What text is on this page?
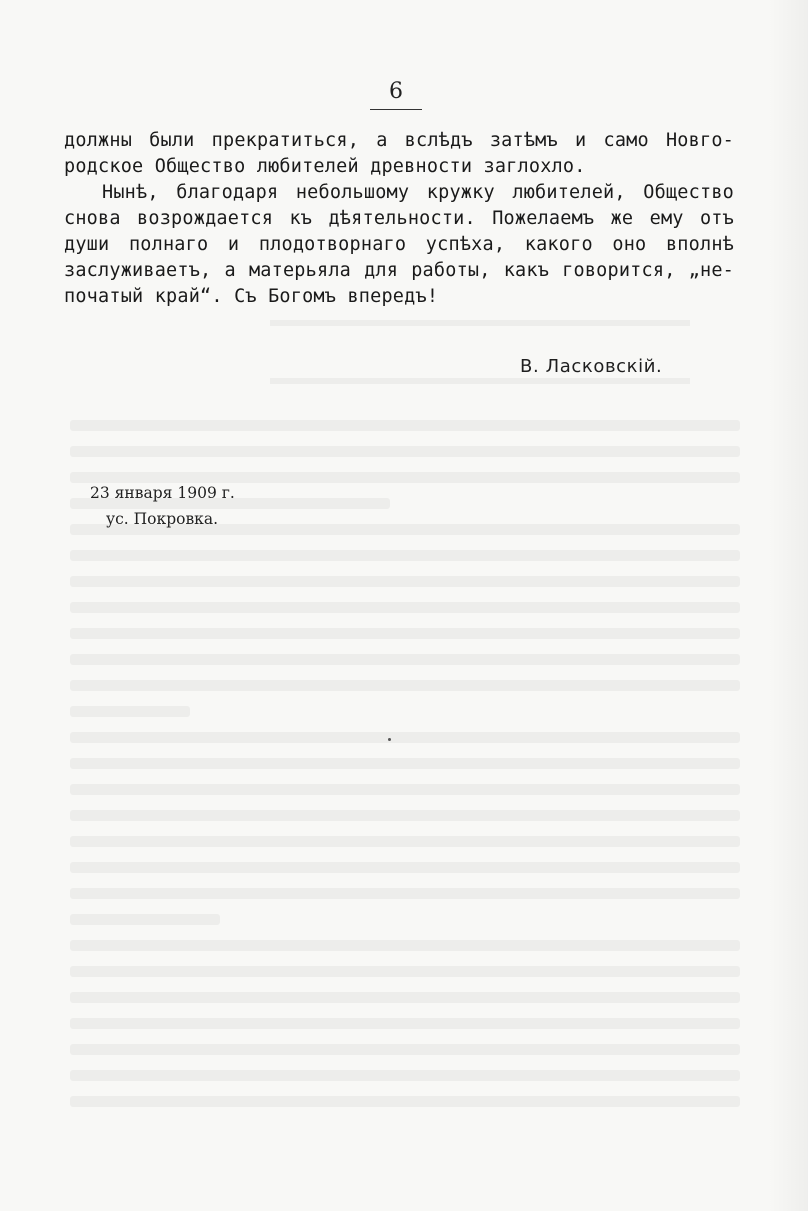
6
должны были прекратиться, а вслѣдъ затѣмъ и само Новго-
родское Общество любителей древности заглохло.
Нынѣ, благодаря небольшому кружку любителей, Общество
снова возрождается къ дѣятельности. Пожелаемъ же ему отъ
души полнаго и плодотворнаго успѣха, какого оно вполнѣ
заслуживаетъ, а матерьяла для работы, какъ говорится, „не-
початый край“. Съ Богомъ впередъ!
В. Ласковскій.
23 января 1909 г.
ус. Покровка.
